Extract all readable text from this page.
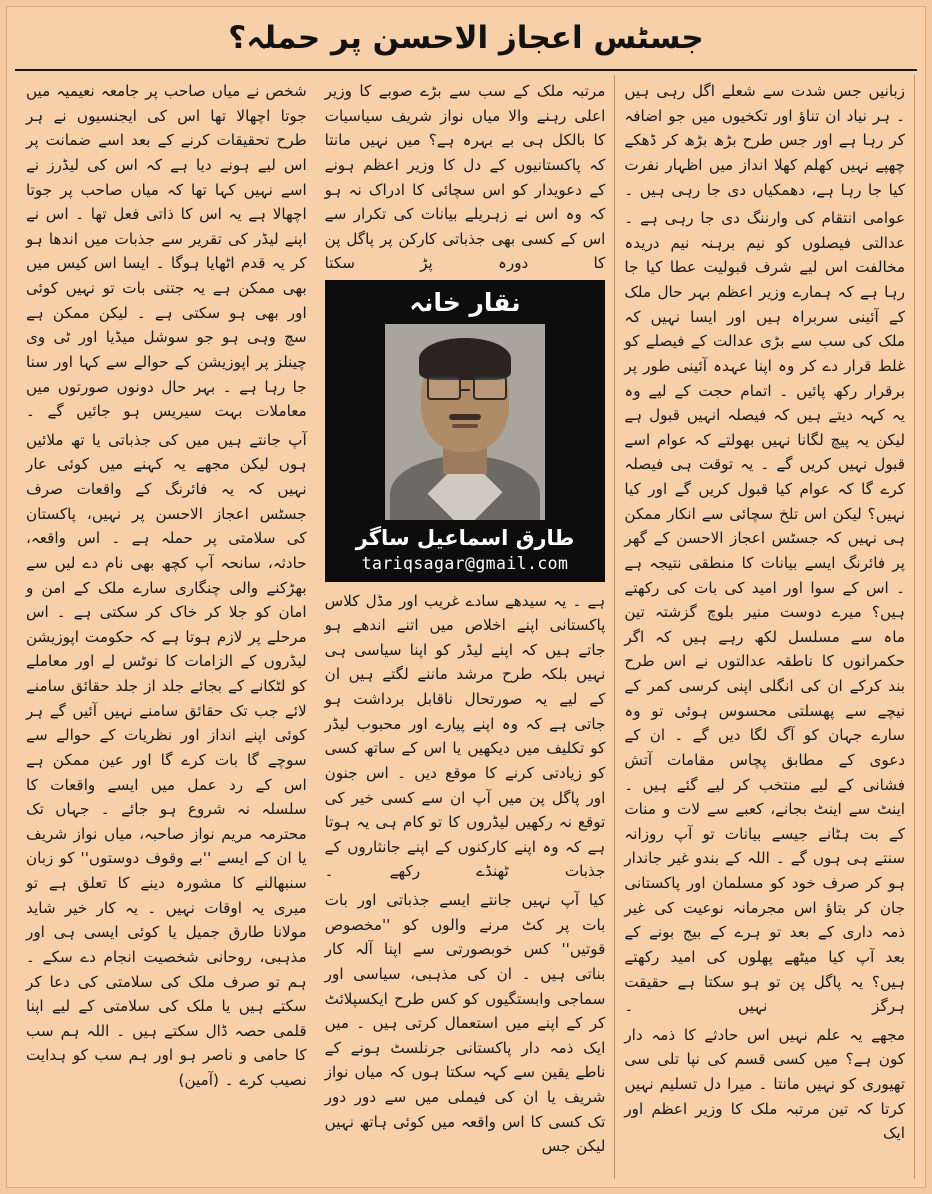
جسٹس اعجاز الاحسن پر حملہ؟

شخص نے میاں صاحب پر جامعہ نعیمیہ میں جوتا اچھالا تھا اس کی ایجنسیوں نے ہر طرح تحقیقات کرنے کے بعد اسے ضمانت پر اس لیے ہونے دیا ہے کہ اس کی لیڈرز نے اسے نہیں کہا تھا کہ میاں صاحب پر جوتا اچھالا ہے یہ اس کا ذاتی فعل تھا ۔ اس نے اپنے لیڈر کی تقریر سے جذبات میں اندھا ہو کر یہ قدم اٹھایا ہوگا ۔ ایسا اس کیس میں بھی ممکن ہے یہ جتنی بات تو نہیں کوئی اور بھی ہو سکتی ہے ۔ لیکن ممکن ہے سچ وہی ہو جو سوشل میڈیا اور ٹی وی چینلز پر اپوزیشن کے حوالے سے کہا اور سنا جا رہا ہے ۔ بہر حال دونوں صورتوں میں معاملات بہت سیریس ہو جائیں گے ۔

آپ جانتے ہیں میں کی جذباتی یا تھ ملائیں ہوں لیکن مجھے یہ کہنے میں کوئی عار نہیں کہ یہ فائرنگ کے واقعات صرف جسٹس اعجاز الاحسن پر نہیں، پاکستان کی سلامتی پر حملہ ہے ۔ اس واقعہ، حادثہ، سانحہ آپ کچھ بھی نام دے لیں سے بھڑکنے والی چنگاری سارے ملک کے امن و امان کو جلا کر خاک کر سکتی ہے ۔ اس مرحلے پر لازم ہوتا ہے کہ حکومت اپوزیشن لیڈروں کے الزامات کا نوٹس لے اور معاملے کو لٹکانے کے بجائے جلد از جلد حقائق سامنے لائے جب تک حقائق سامنے نہیں آئیں گے ہر کوئی اپنے انداز اور نظریات کے حوالے سے سوچے گا بات کرے گا اور عین ممکن ہے اس کے رد عمل میں ایسے واقعات کا سلسلہ نہ شروع ہو جائے ۔ جہاں تک محترمہ مریم نواز صاحبہ، میاں نواز شریف یا ان کے ایسے ''بے وقوف دوستوں'' کو زبان سنبھالنے کا مشورہ دینے کا تعلق ہے تو میری یہ اوقات نہیں ۔ یہ کار خیر شاید مولانا طارق جمیل یا کوئی ایسی ہی اور مذہبی، روحانی شخصیت انجام دے سکے ۔ ہم تو صرف ملک کی سلامتی کی دعا کر سکتے ہیں یا ملک کی سلامتی کے لیے اپنا قلمی حصہ ڈال سکتے ہیں ۔ اللہ ہم سب کا حامی و ناصر ہو اور ہم سب کو ہدایت نصیب کرے ۔ (آمین)

مرتبہ ملک کے سب سے بڑے صوبے کا وزیر اعلی رہنے والا میاں نواز شریف سیاسیات کا بالکل ہی بے بہرہ ہے؟ میں نہیں مانتا کہ پاکستانیوں کے دل کا وزیر اعظم ہونے کے دعویدار کو اس سچائی کا ادراک نہ ہو کہ وہ اس نے زہریلے بیانات کی تکرار سے اس کے کسی بھی جذباتی کارکن پر پاگل پن کا دورہ پڑ سکتا

نقار خانہ
طارق اسماعیل ساگر
tariqsagar@gmail.com

ہے ۔ یہ سیدھے سادے غریب اور مڈل کلاس پاکستانی اپنے اخلاص میں اتنے اندھے ہو جاتے ہیں کہ اپنے لیڈر کو اپنا سیاسی ہی نہیں بلکہ طرح مرشد ماننے لگتے ہیں ان کے لیے یہ صورتحال ناقابل برداشت ہو جاتی ہے کہ وہ اپنے پیارے اور محبوب لیڈر کو تکلیف میں دیکھیں یا اس کے ساتھ کسی کو زیادتی کرنے کا موقع دیں ۔ اس جنون اور پاگل پن میں آپ ان سے کسی خیر کی توقع نہ رکھیں لیڈروں کا تو کام ہی یہ ہوتا ہے کہ وہ اپنے کارکنوں کے اپنے جانثاروں کے جذبات ٹھنڈے رکھے ۔

کیا آپ نہیں جانتے ایسے جذباتی اور بات بات پر کٹ مرنے والوں کو ''مخصوص قوتیں'' کس خوبصورتی سے اپنا آلہ کار بناتی ہیں ۔ ان کی مذہبی، سیاسی اور سماجی وابستگیوں کو کس طرح ایکسپلائٹ کر کے اپنے میں استعمال کرتی ہیں ۔ میں ایک ذمہ دار پاکستانی جرنلسٹ ہونے کے ناطے یقین سے کہہ سکتا ہوں کہ میاں نواز شریف یا ان کی فیملی میں سے دور دور تک کسی کا اس واقعہ میں کوئی ہاتھ نہیں لیکن جس

زبانیں جس شدت سے شعلے اگل رہی ہیں ۔ ہر نیاد ان تناؤ اور تکخیوں میں جو اضافہ کر رہا ہے اور جس طرح بڑھ بڑھ کر ڈھکے چھپے نہیں کھلم کھلا انداز میں اظہار نفرت کیا جا رہا ہے، دھمکیاں دی جا رہی ہیں ۔

عوامی انتقام کی وارننگ دی جا رہی ہے ۔ عدالتی فیصلوں کو نیم برہنہ نیم دریدہ مخالفت اس لیے شرف قبولیت عطا کیا جا رہا ہے کہ ہمارے وزیر اعظم بہر حال ملک کے آئینی سربراہ ہیں اور ایسا نہیں کہ ملک کی سب سے بڑی عدالت کے فیصلے کو غلط قرار دے کر وہ اپنا عہدہ آئینی طور پر برقرار رکھ پائیں ۔ اتمام حجت کے لیے وہ یہ کہہ دیتے ہیں کہ فیصلہ انہیں قبول ہے لیکن یہ پیچ لگانا نہیں بھولتے کہ عوام اسے قبول نہیں کریں گے ۔ یہ توقت ہی فیصلہ کرے گا کہ عوام کیا قبول کریں گے اور کیا نہیں؟ لیکن اس تلخ سچائی سے انکار ممکن ہی نہیں کہ جسٹس اعجاز الاحسن کے گھر پر فائرنگ ایسے بیانات کا منطقی نتیجہ ہے ۔ اس کے سوا اور امید کی بات کی رکھتے ہیں؟ میرے دوست منیر بلوچ گزشتہ تین ماہ سے مسلسل لکھ رہے ہیں کہ اگر حکمرانوں کا ناطقہ عدالتوں نے اس طرح بند کرکے ان کی انگلی اپنی کرسی کمر کے نیچے سے پھسلتی محسوس ہوئی تو وہ سارے جہان کو آگ لگا دیں گے ۔ ان کے دعوی کے مطابق پچاس مقامات آتش فشانی کے لیے منتخب کر لیے گئے ہیں ۔ اینٹ سے اینٹ بجانے، کعبے سے لات و منات کے بت ہٹانے جیسے بیانات تو آپ روزانہ سنتے ہی ہوں گے ۔ اللہ کے بندو غیر جاندار ہو کر صرف خود کو مسلمان اور پاکستانی جان کر بتاؤ اس مجرمانہ نوعیت کی غیر ذمہ داری کے بعد تو ہرے کے بیج بونے کے بعد آپ کیا میٹھے پھلوں کی امید رکھتے ہیں؟ یہ پاگل پن تو ہو سکتا ہے حقیقت ہرگز نہیں ۔

مجھے یہ علم نہیں اس حادثے کا ذمہ دار کون ہے؟ میں کسی قسم کی نپا تلی سی تھیوری کو نہیں مانتا ۔ میرا دل تسلیم نہیں کرتا کہ تین مرتبہ ملک کا وزیر اعظم اور ایک
